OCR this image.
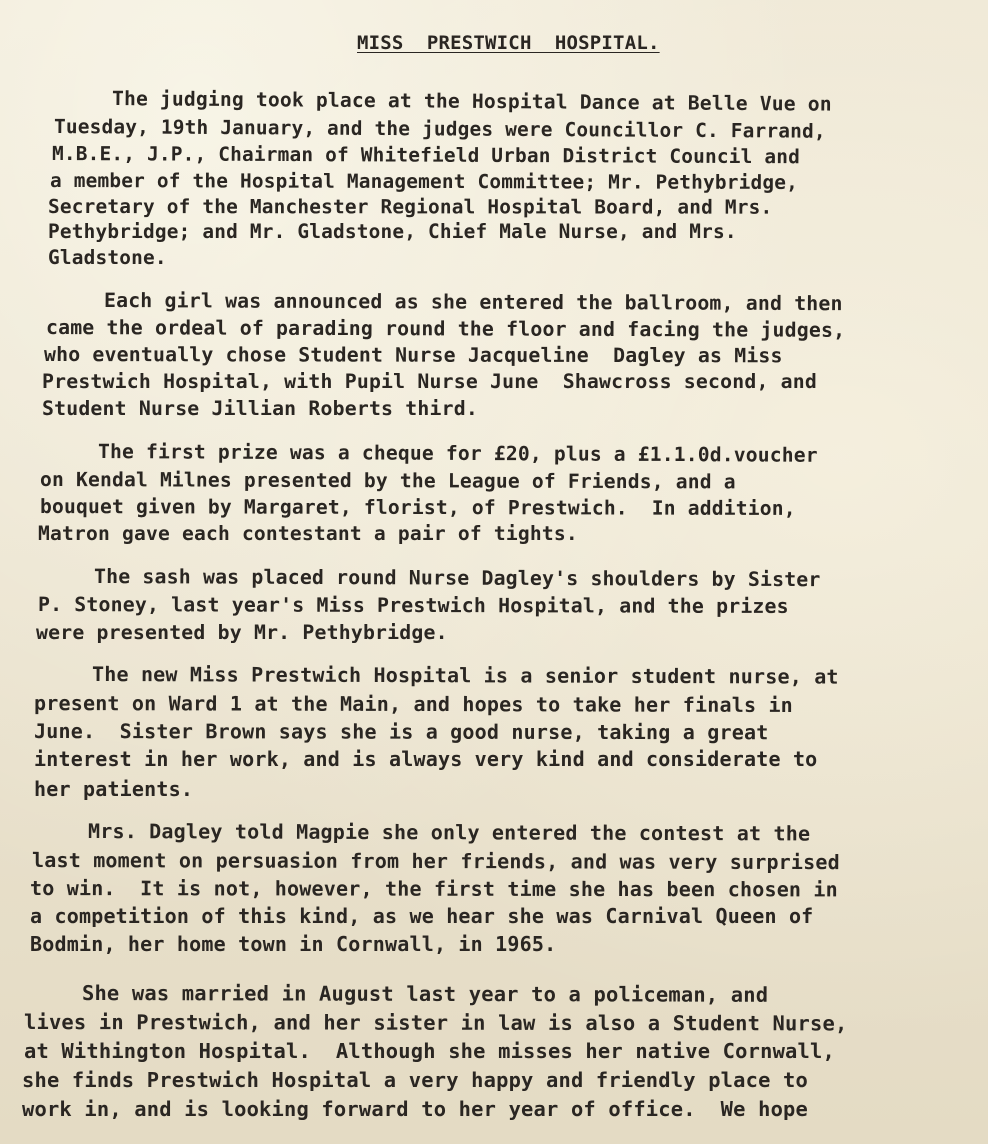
MISS  PRESTWICH  HOSPITAL.
The judging took place at the Hospital Dance at Belle Vue on
Tuesday, 19th January, and the judges were Councillor C. Farrand,
M.B.E., J.P., Chairman of Whitefield Urban District Council and
a member of the Hospital Management Committee; Mr. Pethybridge,
Secretary of the Manchester Regional Hospital Board, and Mrs.
Pethybridge; and Mr. Gladstone, Chief Male Nurse, and Mrs.
Gladstone.
Each girl was announced as she entered the ballroom, and then
came the ordeal of parading round the floor and facing the judges,
who eventually chose Student Nurse Jacqueline  Dagley as Miss
Prestwich Hospital, with Pupil Nurse June  Shawcross second, and
Student Nurse Jillian Roberts third.
The first prize was a cheque for £20, plus a £1.1.0d.voucher
on Kendal Milnes presented by the League of Friends, and a
bouquet given by Margaret, florist, of Prestwich.  In addition,
Matron gave each contestant a pair of tights.
The sash was placed round Nurse Dagley's shoulders by Sister
P. Stoney, last year's Miss Prestwich Hospital, and the prizes
were presented by Mr. Pethybridge.
The new Miss Prestwich Hospital is a senior student nurse, at
present on Ward 1 at the Main, and hopes to take her finals in
June.  Sister Brown says she is a good nurse, taking a great
interest in her work, and is always very kind and considerate to
her patients.
Mrs. Dagley told Magpie she only entered the contest at the
last moment on persuasion from her friends, and was very surprised
to win.  It is not, however, the first time she has been chosen in
a competition of this kind, as we hear she was Carnival Queen of
Bodmin, her home town in Cornwall, in 1965.
She was married in August last year to a policeman, and
lives in Prestwich, and her sister in law is also a Student Nurse,
at Withington Hospital.  Although she misses her native Cornwall,
she finds Prestwich Hospital a very happy and friendly place to
work in, and is looking forward to her year of office.  We hope
